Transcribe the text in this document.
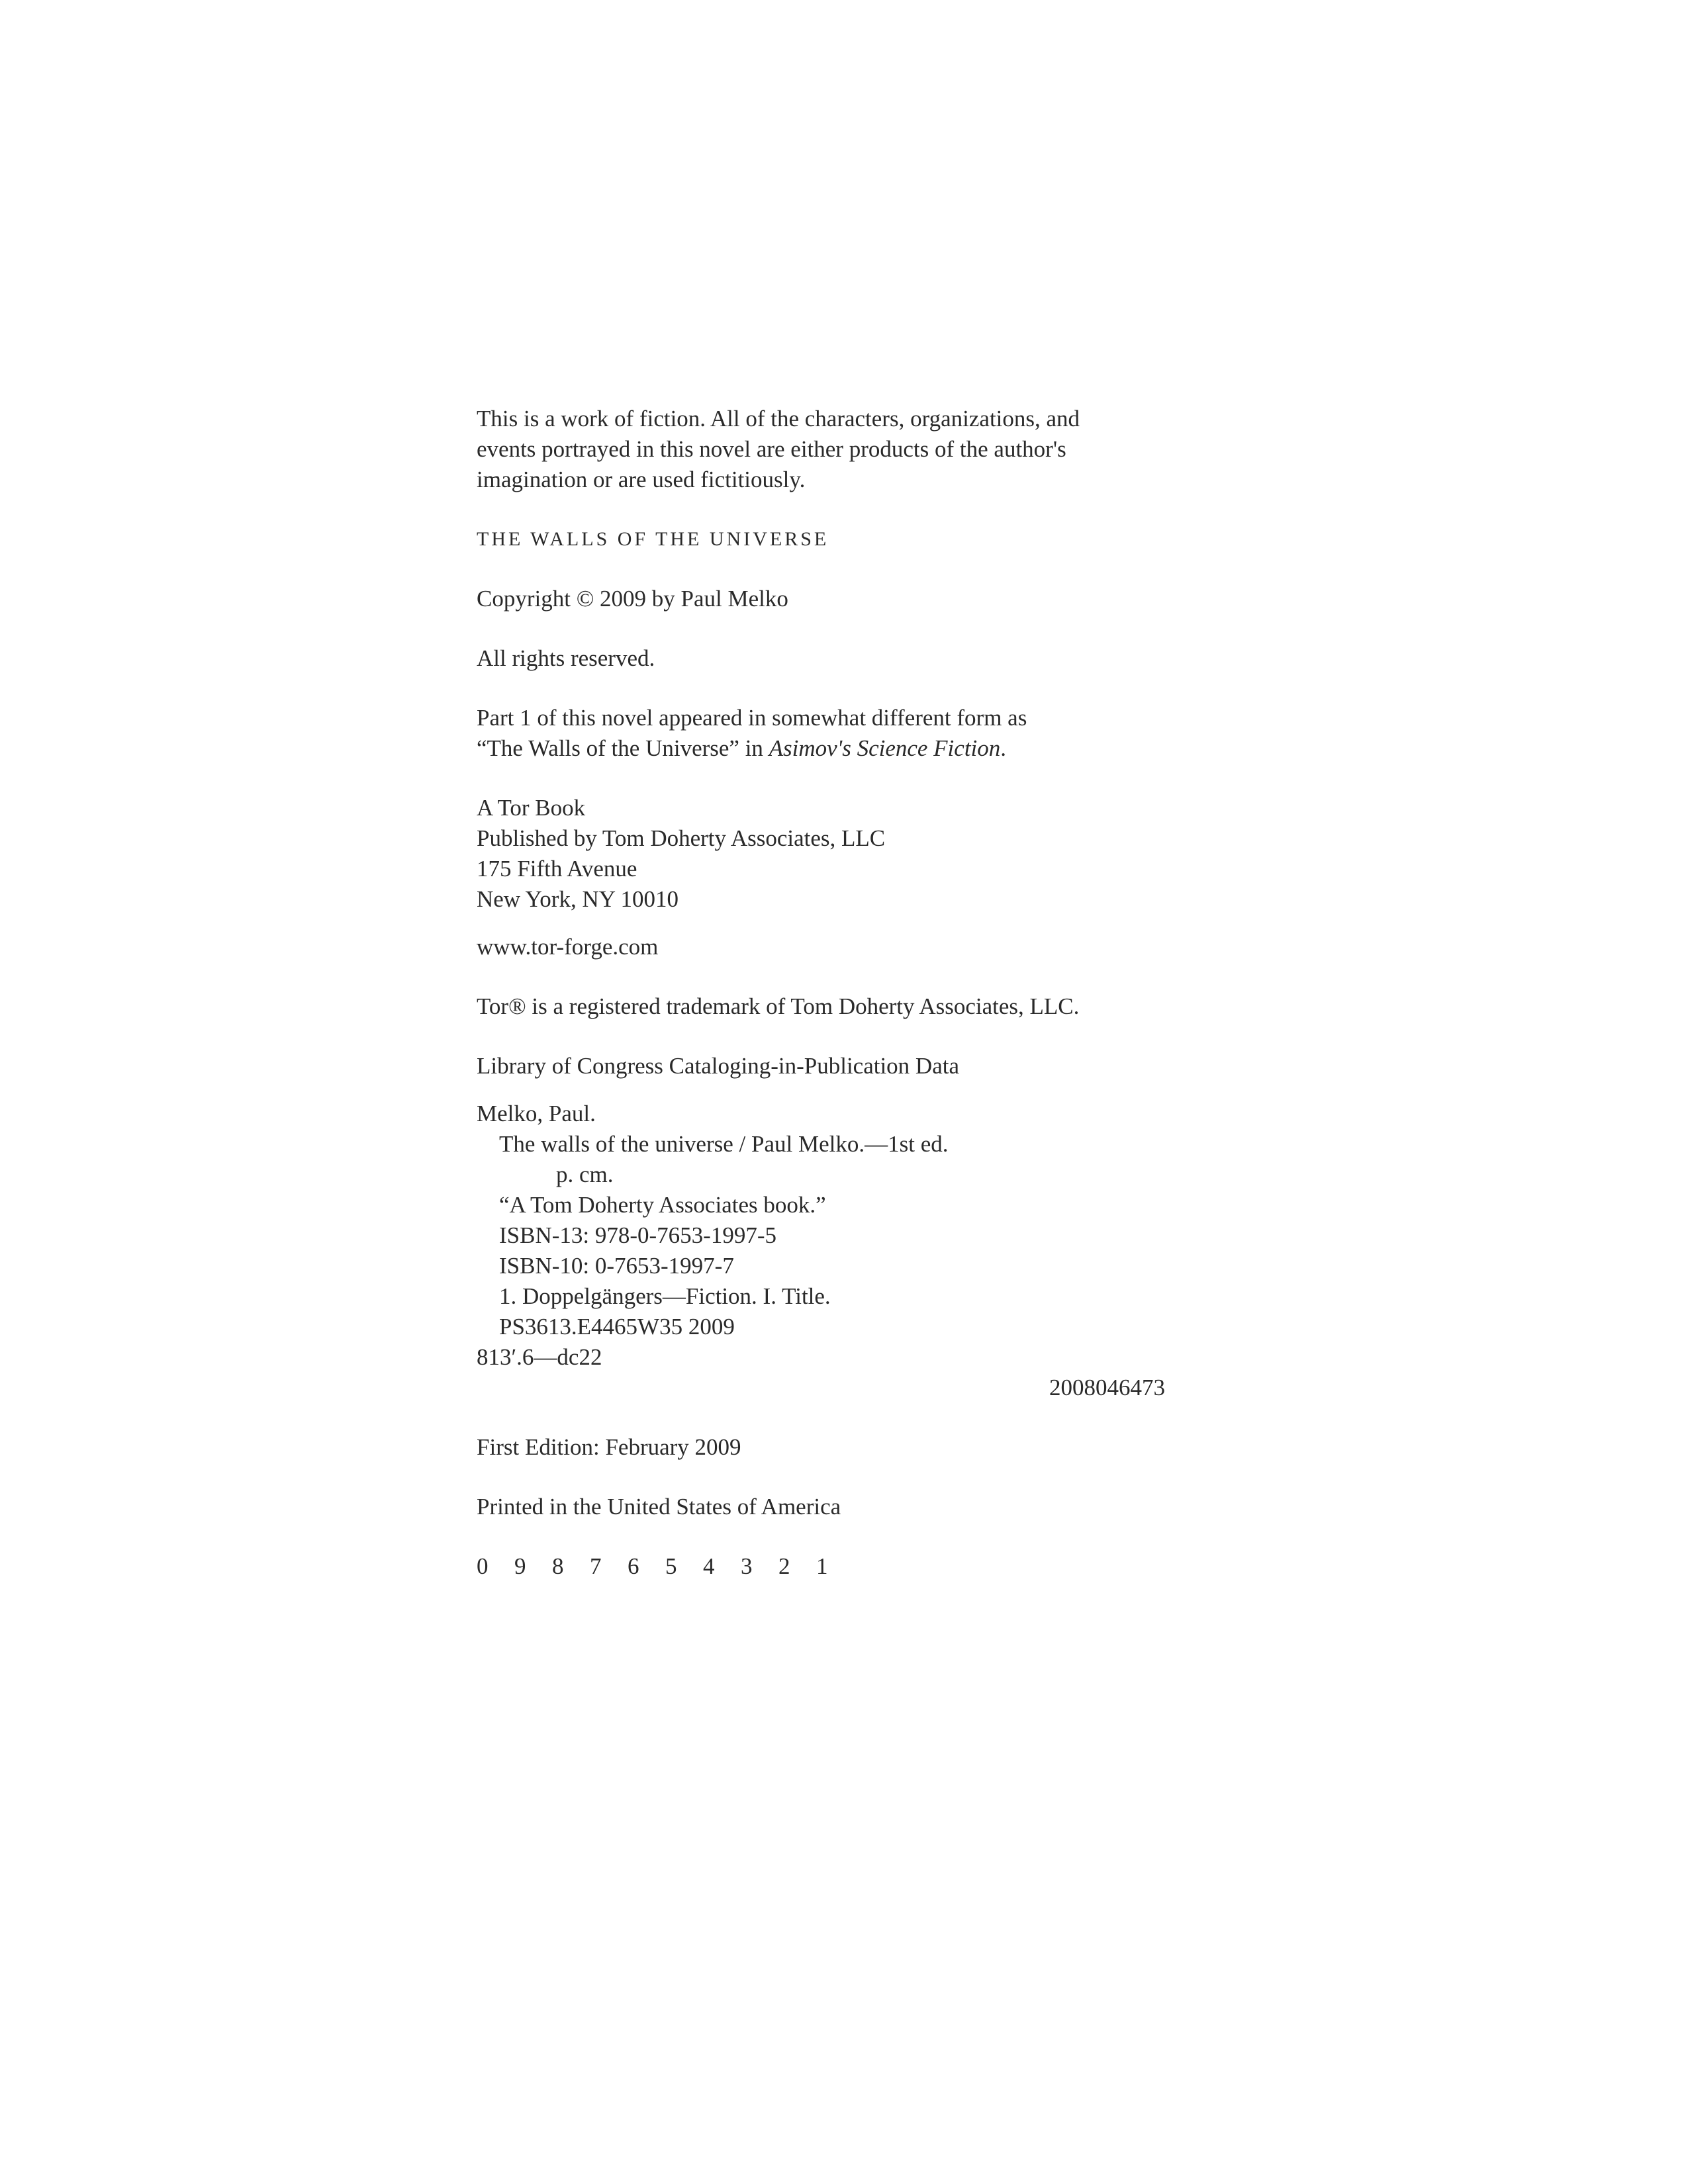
This is a work of fiction. All of the characters, organizations, and
events portrayed in this novel are either products of the author's
imagination or are used fictitiously.
THE WALLS OF THE UNIVERSE
Copyright © 2009 by Paul Melko
All rights reserved.
Part 1 of this novel appeared in somewhat different form as
“The Walls of the Universe” in Asimov's Science Fiction.
A Tor Book
Published by Tom Doherty Associates, LLC
175 Fifth Avenue
New York, NY 10010
www.tor-forge.com
Tor® is a registered trademark of Tom Doherty Associates, LLC.
Library of Congress Cataloging-in-Publication Data
Melko, Paul.
The walls of the universe / Paul Melko.—1st ed.
p. cm.
“A Tom Doherty Associates book.”
ISBN-13: 978-0-7653-1997-5
ISBN-10: 0-7653-1997-7
1. Doppelgängers—Fiction. I. Title.
PS3613.E4465W35 2009
813′.6—dc22
2008046473
First Edition: February 2009
Printed in the United States of America
0 9 8 7 6 5 4 3 2 1
